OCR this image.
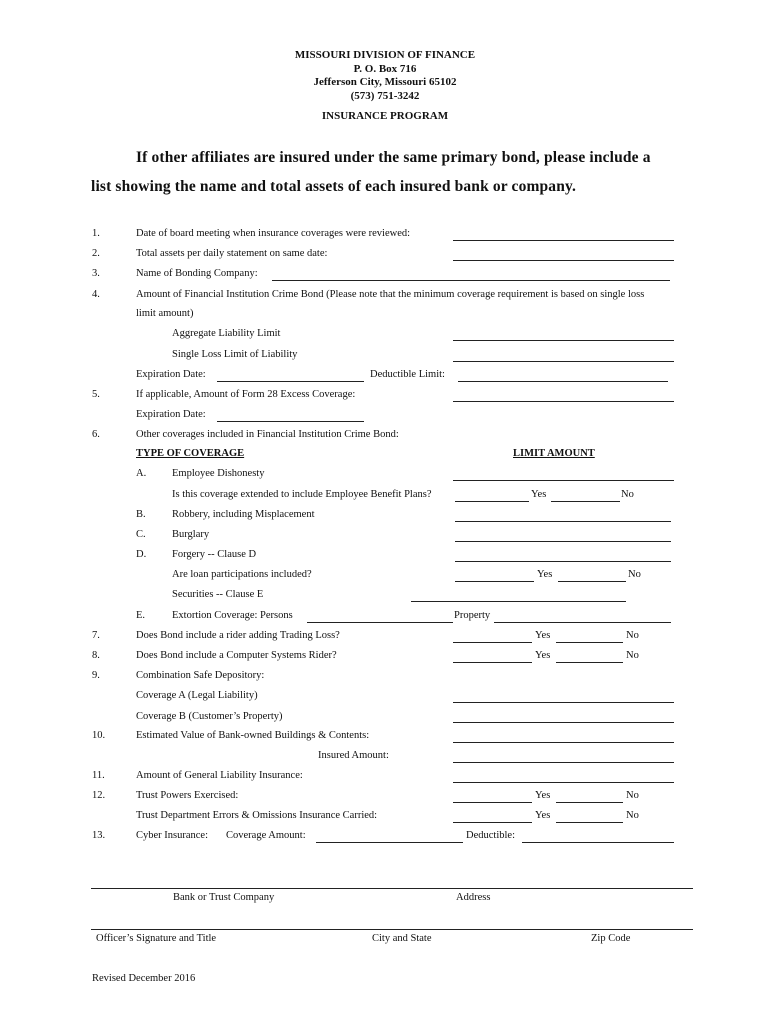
MISSOURI DIVISION OF FINANCE
P. O. Box 716
Jefferson City, Missouri 65102
(573) 751-3242
INSURANCE PROGRAM
If other affiliates are insured under the same primary bond, please include a
list showing the name and total assets of each insured bank or company.
1.	Date of board meeting when insurance coverages were reviewed:
2.	Total assets per daily statement on same date:
3.	Name of Bonding Company:
4.	Amount of Financial Institution Crime Bond (Please note that the minimum coverage requirement is based on single loss
limit amount)
Aggregate Liability Limit
Single Loss Limit of Liability
Expiration Date:	Deductible Limit:
5.	If applicable, Amount of Form 28 Excess Coverage:
Expiration Date:
6.	Other coverages included in Financial Institution Crime Bond:
TYPE OF COVERAGE	LIMIT AMOUNT
A. Employee Dishonesty
Is this coverage extended to include Employee Benefit Plans?	Yes	No
B.	Robbery, including Misplacement
C.	Burglary
D. Forgery -- Clause D
Are loan participations included?	Yes	No
Securities -- Clause E
E.	Extortion Coverage: Persons	Property
7.	Does Bond include a rider adding Trading Loss?	Yes	No
8.	Does Bond include a Computer Systems Rider?	Yes	No
9.	Combination Safe Depository:
Coverage A (Legal Liability)
Coverage B (Customer’s Property)
10.	Estimated Value of Bank-owned Buildings & Contents:
Insured Amount:
11.	Amount of General Liability Insurance:
12.	Trust Powers Exercised:	Yes	No
Trust Department Errors & Omissions Insurance Carried:	Yes	No
13.	Cyber Insurance: Coverage Amount:	Deductible:
Bank or Trust Company	Address
Officer’s Signature and Title	City and State	Zip Code
Revised December 2016
